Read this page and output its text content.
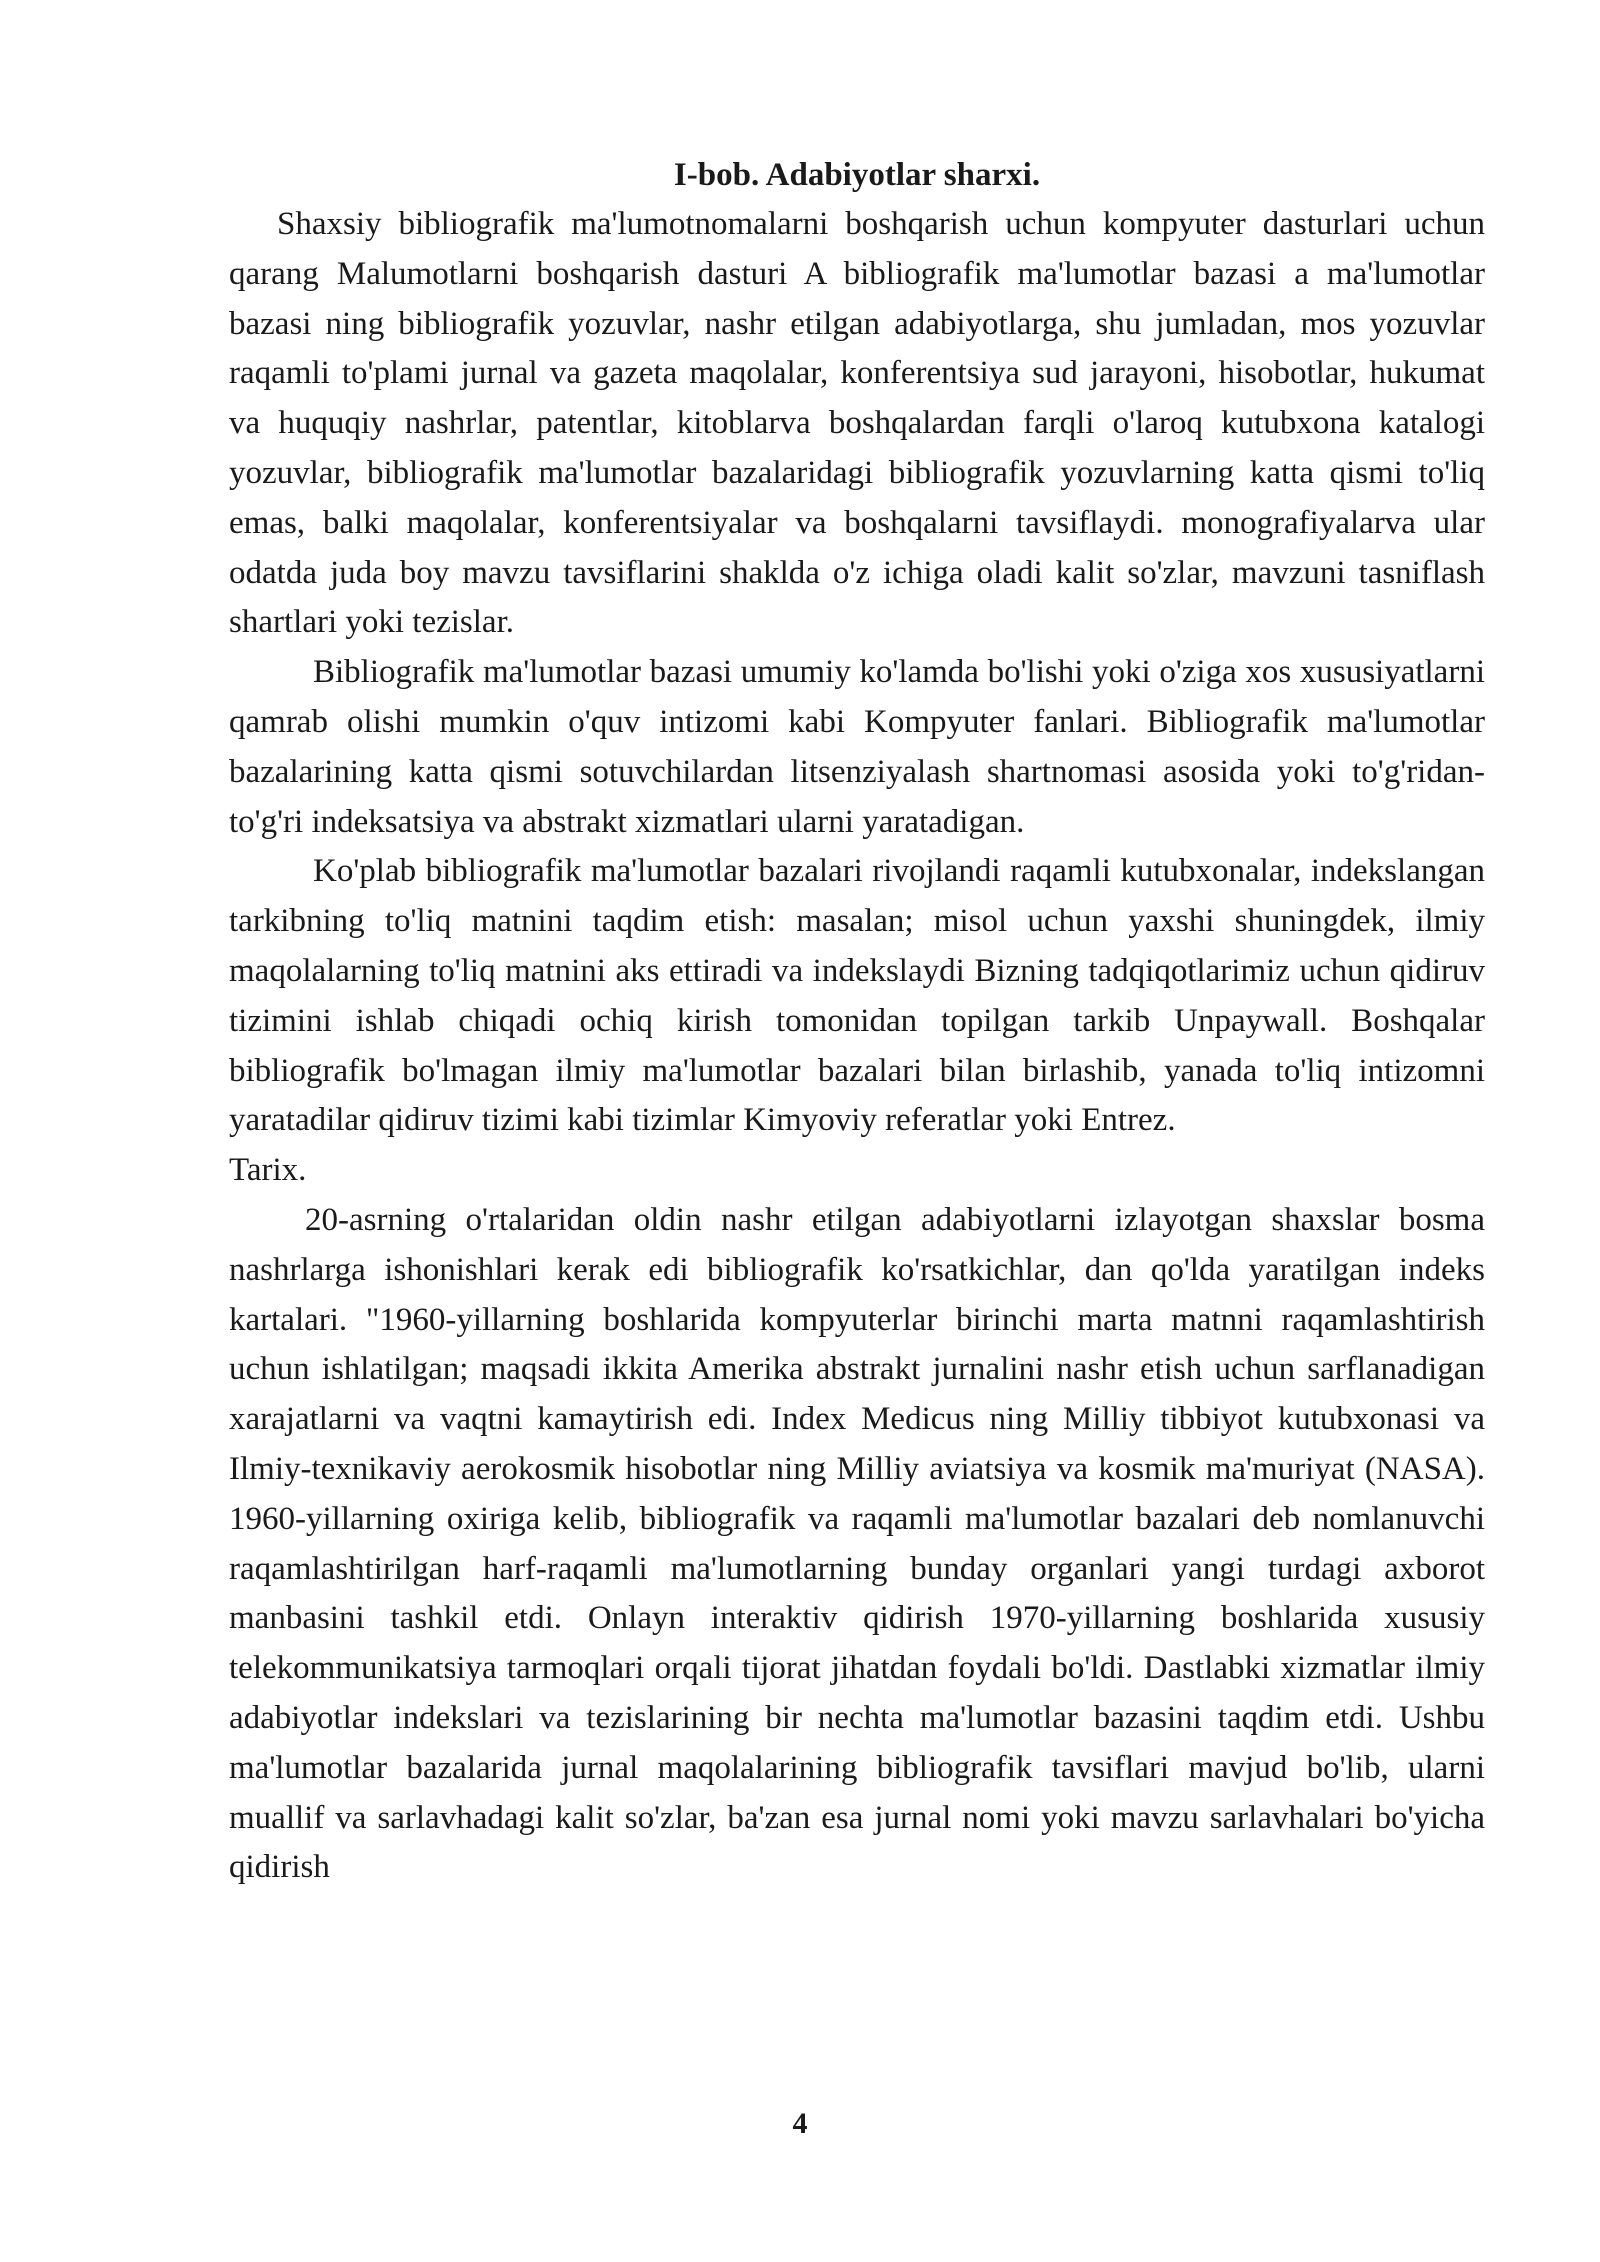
I-bob. Adabiyotlar sharxi.

Shaxsiy bibliografik ma'lumotnomalarni boshqarish uchun kompyuter dasturlari uchun qarang Malumotlarni boshqarish dasturi A bibliografik ma'lumotlar bazasi a ma'lumotlar bazasi ning bibliografik yozuvlar, nashr etilgan adabiyotlarga, shu jumladan, mos yozuvlar raqamli to'plami jurnal va gazeta maqolalar, konferentsiya sud jarayoni, hisobotlar, hukumat va huquqiy nashrlar, patentlar, kitoblarva boshqalardan farqli o'laroq kutubxona katalogi yozuvlar, bibliografik ma'lumotlar bazalaridagi bibliografik yozuvlarning katta qismi to'liq emas, balki maqolalar, konferentsiyalar va boshqalarni tavsiflaydi. monografiyalarva ular odatda juda boy mavzu tavsiflarini shaklda o'z ichiga oladi kalit so'zlar, mavzuni tasniflash shartlari yoki tezislar.

Bibliografik ma'lumotlar bazasi umumiy ko'lamda bo'lishi yoki o'ziga xos xususiyatlarni qamrab olishi mumkin o'quv intizomi kabi Kompyuter fanlari. Bibliografik ma'lumotlar bazalarining katta qismi sotuvchilardan litsenziyalash shartnomasi asosida yoki to'g'ridan-to'g'ri indeksatsiya va abstrakt xizmatlari ularni yaratadigan.

Ko'plab bibliografik ma'lumotlar bazalari rivojlandi raqamli kutubxonalar, indekslangan tarkibning to'liq matnini taqdim etish: masalan; misol uchun yaxshi shuningdek, ilmiy maqolalarning to'liq matnini aks ettiradi va indekslaydi Bizning tadqiqotlarimiz uchun qidiruv tizimini ishlab chiqadi ochiq kirish tomonidan topilgan tarkib Unpaywall. Boshqalar bibliografik bo'lmagan ilmiy ma'lumotlar bazalari bilan birlashib, yanada to'liq intizomni yaratadilar qidiruv tizimi kabi tizimlar Kimyoviy referatlar yoki Entrez.

Tarix.

20-asrning o'rtalaridan oldin nashr etilgan adabiyotlarni izlayotgan shaxslar bosma nashrlarga ishonishlari kerak edi bibliografik ko'rsatkichlar, dan qo'lda yaratilgan indeks kartalari. "1960-yillarning boshlarida kompyuterlar birinchi marta matnni raqamlashtirish uchun ishlatilgan; maqsadi ikkita Amerika abstrakt jurnalini nashr etish uchun sarflanadigan xarajatlarni va vaqtni kamaytirish edi. Index Medicus ning Milliy tibbiyot kutubxonasi va Ilmiy-texnikaviy aerokosmik hisobotlar ning Milliy aviatsiya va kosmik ma'muriyat (NASA). 1960-yillarning oxiriga kelib, bibliografik va raqamli ma'lumotlar bazalari deb nomlanuvchi raqamlashtirilgan harf-raqamli ma'lumotlarning bunday organlari yangi turdagi axborot manbasini tashkil etdi. Onlayn interaktiv qidirish 1970-yillarning boshlarida xususiy telekommunikatsiya tarmoqlari orqali tijorat jihatdan foydali bo'ldi. Dastlabki xizmatlar ilmiy adabiyotlar indekslari va tezislarining bir nechta ma'lumotlar bazasini taqdim etdi. Ushbu ma'lumotlar bazalarida jurnal maqolalarining bibliografik tavsiflari mavjud bo'lib, ularni muallif va sarlavhadagi kalit so'zlar, ba'zan esa jurnal nomi yoki mavzu sarlavhalari bo'yicha qidirish

4
